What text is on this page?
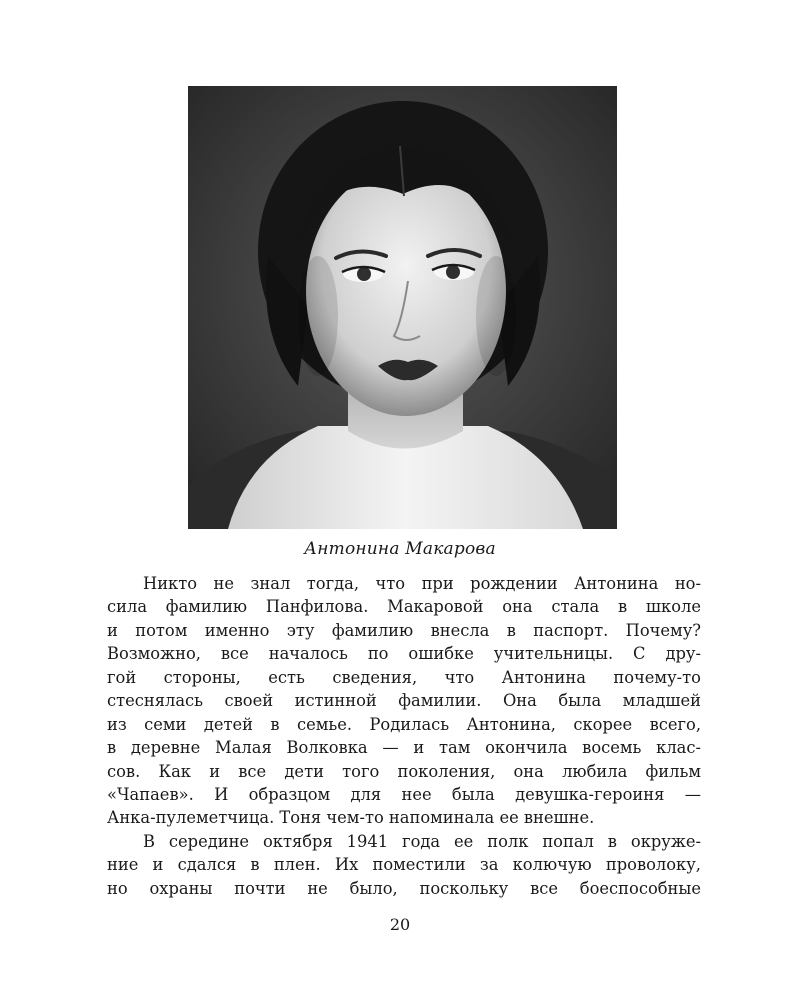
Антонина Макарова
Никто не знал тогда, что при рождении Антонина но-
сила фамилию Панфилова. Макаровой она стала в школе
и потом именно эту фамилию внесла в паспорт. Почему?
Возможно, все началось по ошибке учительницы. С дру-
гой стороны, есть сведения, что Антонина почему-то
стеснялась своей истинной фамилии. Она была младшей
из семи детей в семье. Родилась Антонина, скорее всего,
в деревне Малая Волковка — и там окончила восемь клас-
сов. Как и все дети того поколения, она любила фильм
«Чапаев». И образцом для нее была девушка-героиня —
Анка-пулеметчица. Тоня чем-то напоминала ее внешне.
В середине октября 1941 года ее полк попал в окруже-
ние и сдался в плен. Их поместили за колючую проволоку,
но охраны почти не было, поскольку все боеспособные
20
